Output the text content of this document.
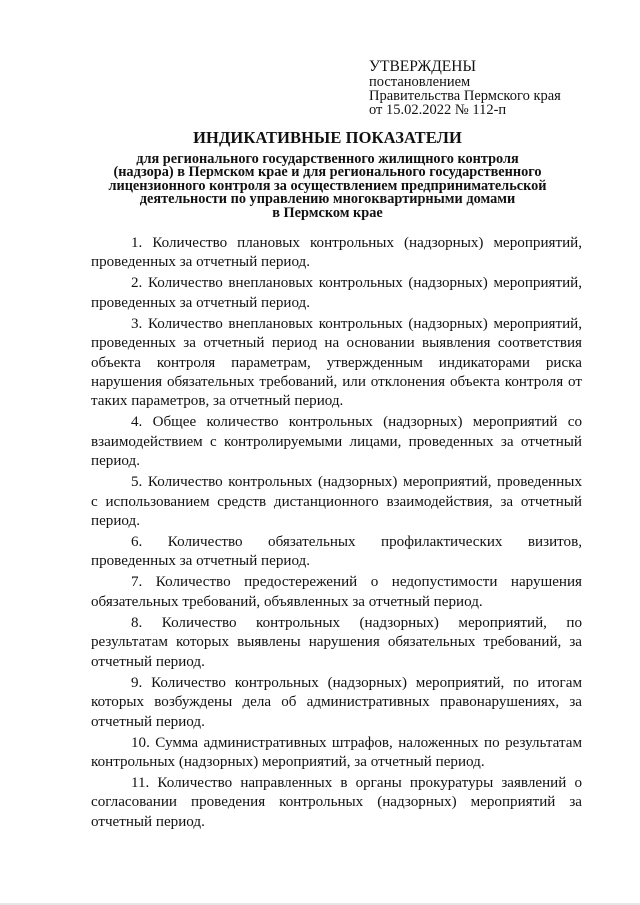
УТВЕРЖДЕНЫ
постановлением
Правительства Пермского края
от 15.02.2022 № 112-п
ИНДИКАТИВНЫЕ ПОКАЗАТЕЛИ
для регионального государственного жилищного контроля
(надзора) в Пермском крае и для регионального государственного
лицензионного контроля за осуществлением предпринимательской
деятельности по управлению многоквартирными домами
в Пермском крае

1. Количество плановых контрольных (надзорных) мероприятий, проведенных за отчетный период.

2. Количество внеплановых контрольных (надзорных) мероприятий, проведенных за отчетный период.

3. Количество внеплановых контрольных (надзорных) мероприятий, проведенных за отчетный период на основании выявления соответствия объекта контроля параметрам, утвержденным индикаторами риска нарушения обязательных требований, или отклонения объекта контроля от таких параметров, за отчетный период.

4. Общее количество контрольных (надзорных) мероприятий со взаимодействием с контролируемыми лицами, проведенных за отчетный период.

5. Количество контрольных (надзорных) мероприятий, проведенных с использованием средств дистанционного взаимодействия, за отчетный период.

6. Количество обязательных профилактических визитов, проведенных за отчетный период.

7. Количество предостережений о недопустимости нарушения обязательных требований, объявленных за отчетный период.

8. Количество контрольных (надзорных) мероприятий, по результатам которых выявлены нарушения обязательных требований, за отчетный период.

9. Количество контрольных (надзорных) мероприятий, по итогам которых возбуждены дела об административных правонарушениях, за отчетный период.

10. Сумма административных штрафов, наложенных по результатам контрольных (надзорных) мероприятий, за отчетный период.

11. Количество направленных в органы прокуратуры заявлений о согласовании проведения контрольных (надзорных) мероприятий за отчетный период.
